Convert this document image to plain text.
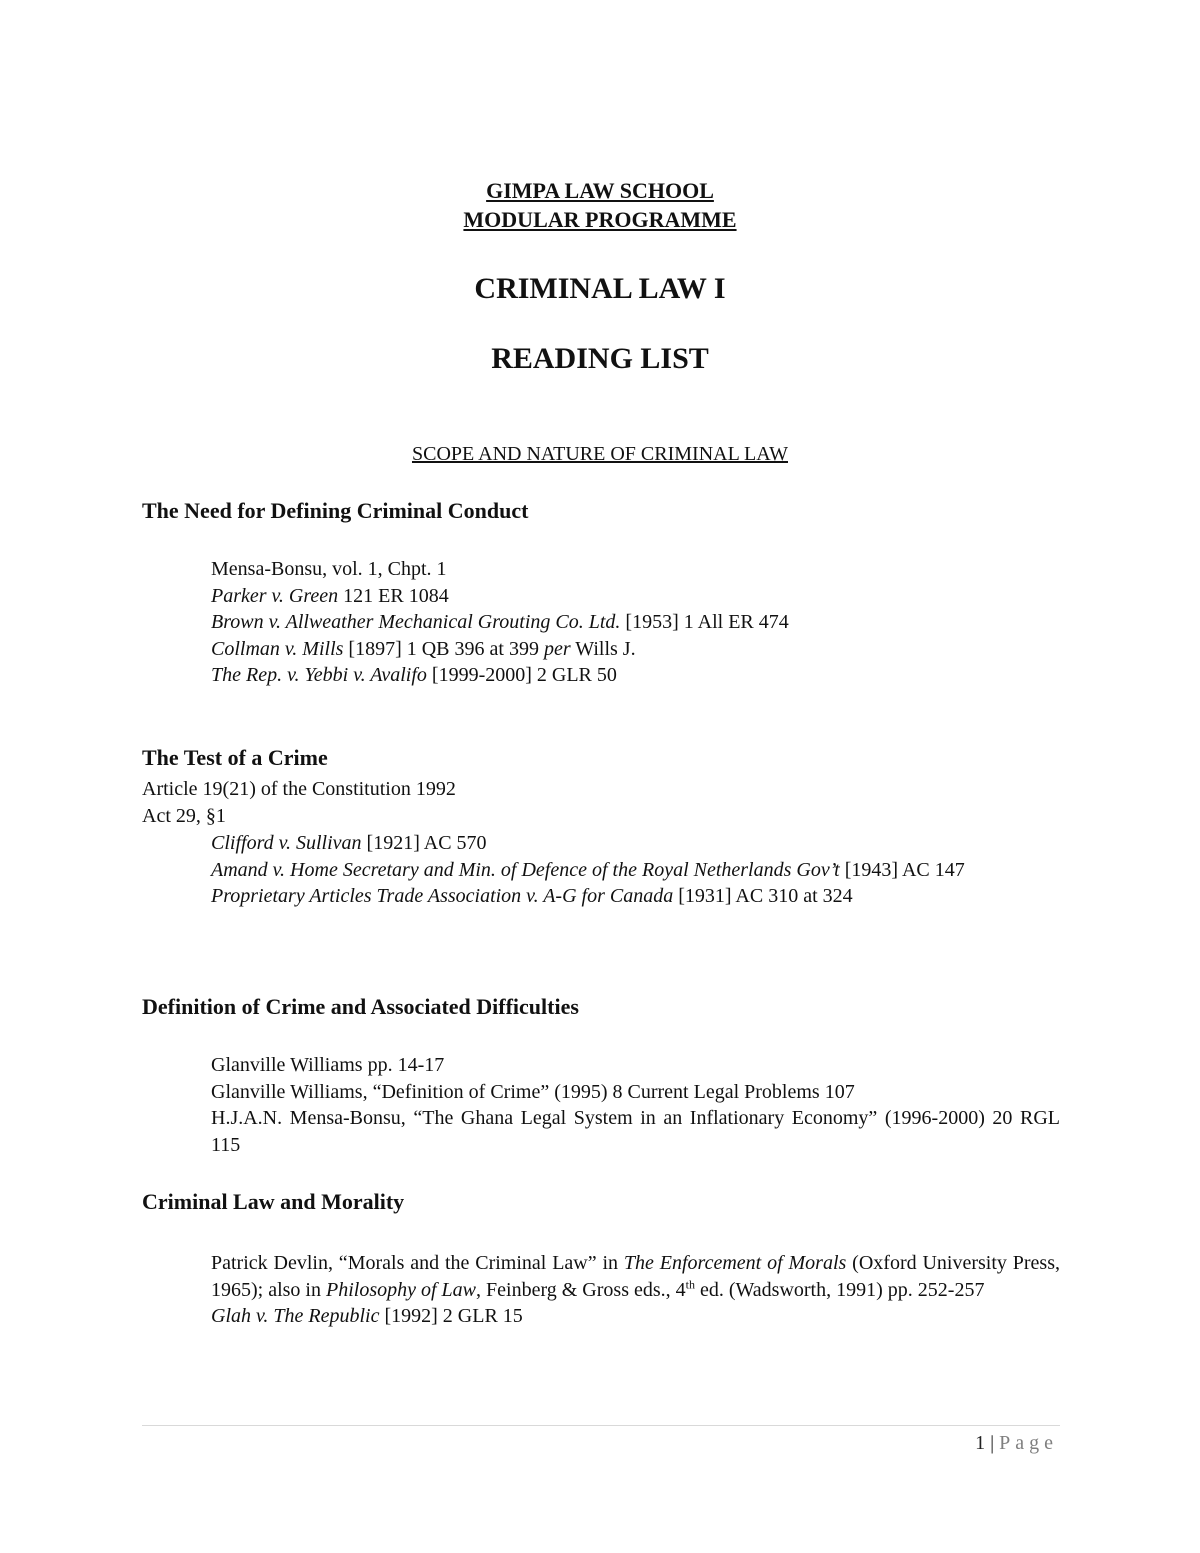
GIMPA LAW SCHOOL
MODULAR PROGRAMME
CRIMINAL LAW I
READING LIST
SCOPE AND NATURE OF CRIMINAL LAW
The Need for Defining Criminal Conduct
Mensa-Bonsu, vol. 1, Chpt. 1
Parker v. Green 121 ER 1084
Brown v. Allweather Mechanical Grouting Co. Ltd. [1953] 1 All ER 474
Collman v. Mills [1897] 1 QB 396 at 399 per Wills J.
The Rep. v. Yebbi v. Avalifo [1999-2000] 2 GLR 50
The Test of a Crime
Article 19(21) of the Constitution 1992
Act 29, §1
Clifford v. Sullivan [1921] AC 570
Amand v. Home Secretary and Min. of Defence of the Royal Netherlands Gov’t [1943] AC 147
Proprietary Articles Trade Association v. A-G for Canada [1931] AC 310 at 324
Definition of Crime and Associated Difficulties
Glanville Williams pp. 14-17
Glanville Williams, “Definition of Crime” (1995) 8 Current Legal Problems 107
H.J.A.N. Mensa-Bonsu, “The Ghana Legal System in an Inflationary Economy” (1996-2000) 20 RGL 115
Criminal Law and Morality
Patrick Devlin, “Morals and the Criminal Law” in The Enforcement of Morals (Oxford University Press, 1965); also in Philosophy of Law, Feinberg & Gross eds., 4th ed. (Wadsworth, 1991) pp. 252-257
Glah v. The Republic [1992] 2 GLR 15
1 | Page
